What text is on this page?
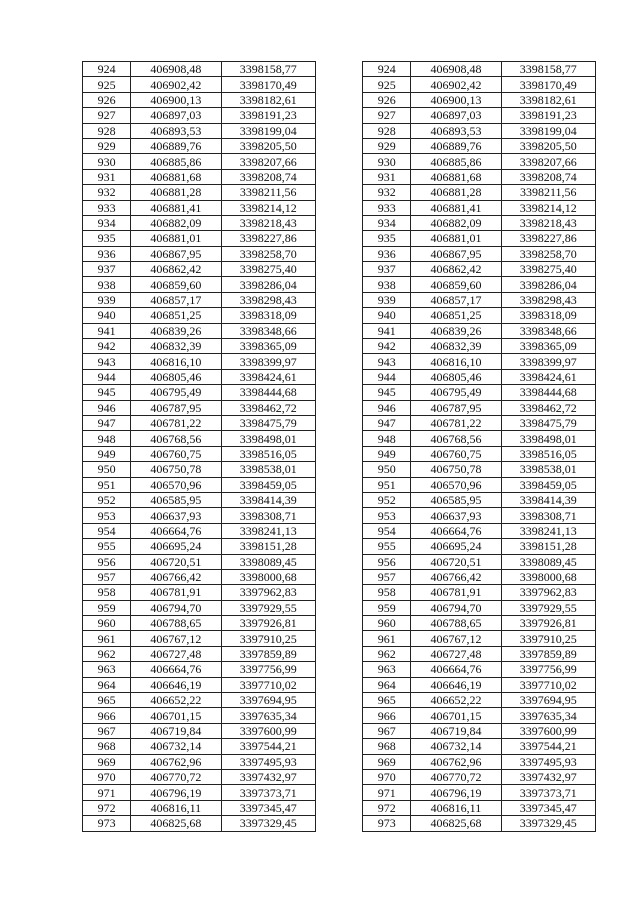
924	406908,48	3398158,77		924	406908,48	3398158,77
925	406902,42	3398170,49		925	406902,42	3398170,49
926	406900,13	3398182,61		926	406900,13	3398182,61
927	406897,03	3398191,23		927	406897,03	3398191,23
928	406893,53	3398199,04		928	406893,53	3398199,04
929	406889,76	3398205,50		929	406889,76	3398205,50
930	406885,86	3398207,66		930	406885,86	3398207,66
931	406881,68	3398208,74		931	406881,68	3398208,74
932	406881,28	3398211,56		932	406881,28	3398211,56
933	406881,41	3398214,12		933	406881,41	3398214,12
934	406882,09	3398218,43		934	406882,09	3398218,43
935	406881,01	3398227,86		935	406881,01	3398227,86
936	406867,95	3398258,70		936	406867,95	3398258,70
937	406862,42	3398275,40		937	406862,42	3398275,40
938	406859,60	3398286,04		938	406859,60	3398286,04
939	406857,17	3398298,43		939	406857,17	3398298,43
940	406851,25	3398318,09		940	406851,25	3398318,09
941	406839,26	3398348,66		941	406839,26	3398348,66
942	406832,39	3398365,09		942	406832,39	3398365,09
943	406816,10	3398399,97		943	406816,10	3398399,97
944	406805,46	3398424,61		944	406805,46	3398424,61
945	406795,49	3398444,68		945	406795,49	3398444,68
946	406787,95	3398462,72		946	406787,95	3398462,72
947	406781,22	3398475,79		947	406781,22	3398475,79
948	406768,56	3398498,01		948	406768,56	3398498,01
949	406760,75	3398516,05		949	406760,75	3398516,05
950	406750,78	3398538,01		950	406750,78	3398538,01
951	406570,96	3398459,05		951	406570,96	3398459,05
952	406585,95	3398414,39		952	406585,95	3398414,39
953	406637,93	3398308,71		953	406637,93	3398308,71
954	406664,76	3398241,13		954	406664,76	3398241,13
955	406695,24	3398151,28		955	406695,24	3398151,28
956	406720,51	3398089,45		956	406720,51	3398089,45
957	406766,42	3398000,68		957	406766,42	3398000,68
958	406781,91	3397962,83		958	406781,91	3397962,83
959	406794,70	3397929,55		959	406794,70	3397929,55
960	406788,65	3397926,81		960	406788,65	3397926,81
961	406767,12	3397910,25		961	406767,12	3397910,25
962	406727,48	3397859,89		962	406727,48	3397859,89
963	406664,76	3397756,99		963	406664,76	3397756,99
964	406646,19	3397710,02		964	406646,19	3397710,02
965	406652,22	3397694,95		965	406652,22	3397694,95
966	406701,15	3397635,34		966	406701,15	3397635,34
967	406719,84	3397600,99		967	406719,84	3397600,99
968	406732,14	3397544,21		968	406732,14	3397544,21
969	406762,96	3397495,93		969	406762,96	3397495,93
970	406770,72	3397432,97		970	406770,72	3397432,97
971	406796,19	3397373,71		971	406796,19	3397373,71
972	406816,11	3397345,47		972	406816,11	3397345,47
973	406825,68	3397329,45		973	406825,68	3397329,45
